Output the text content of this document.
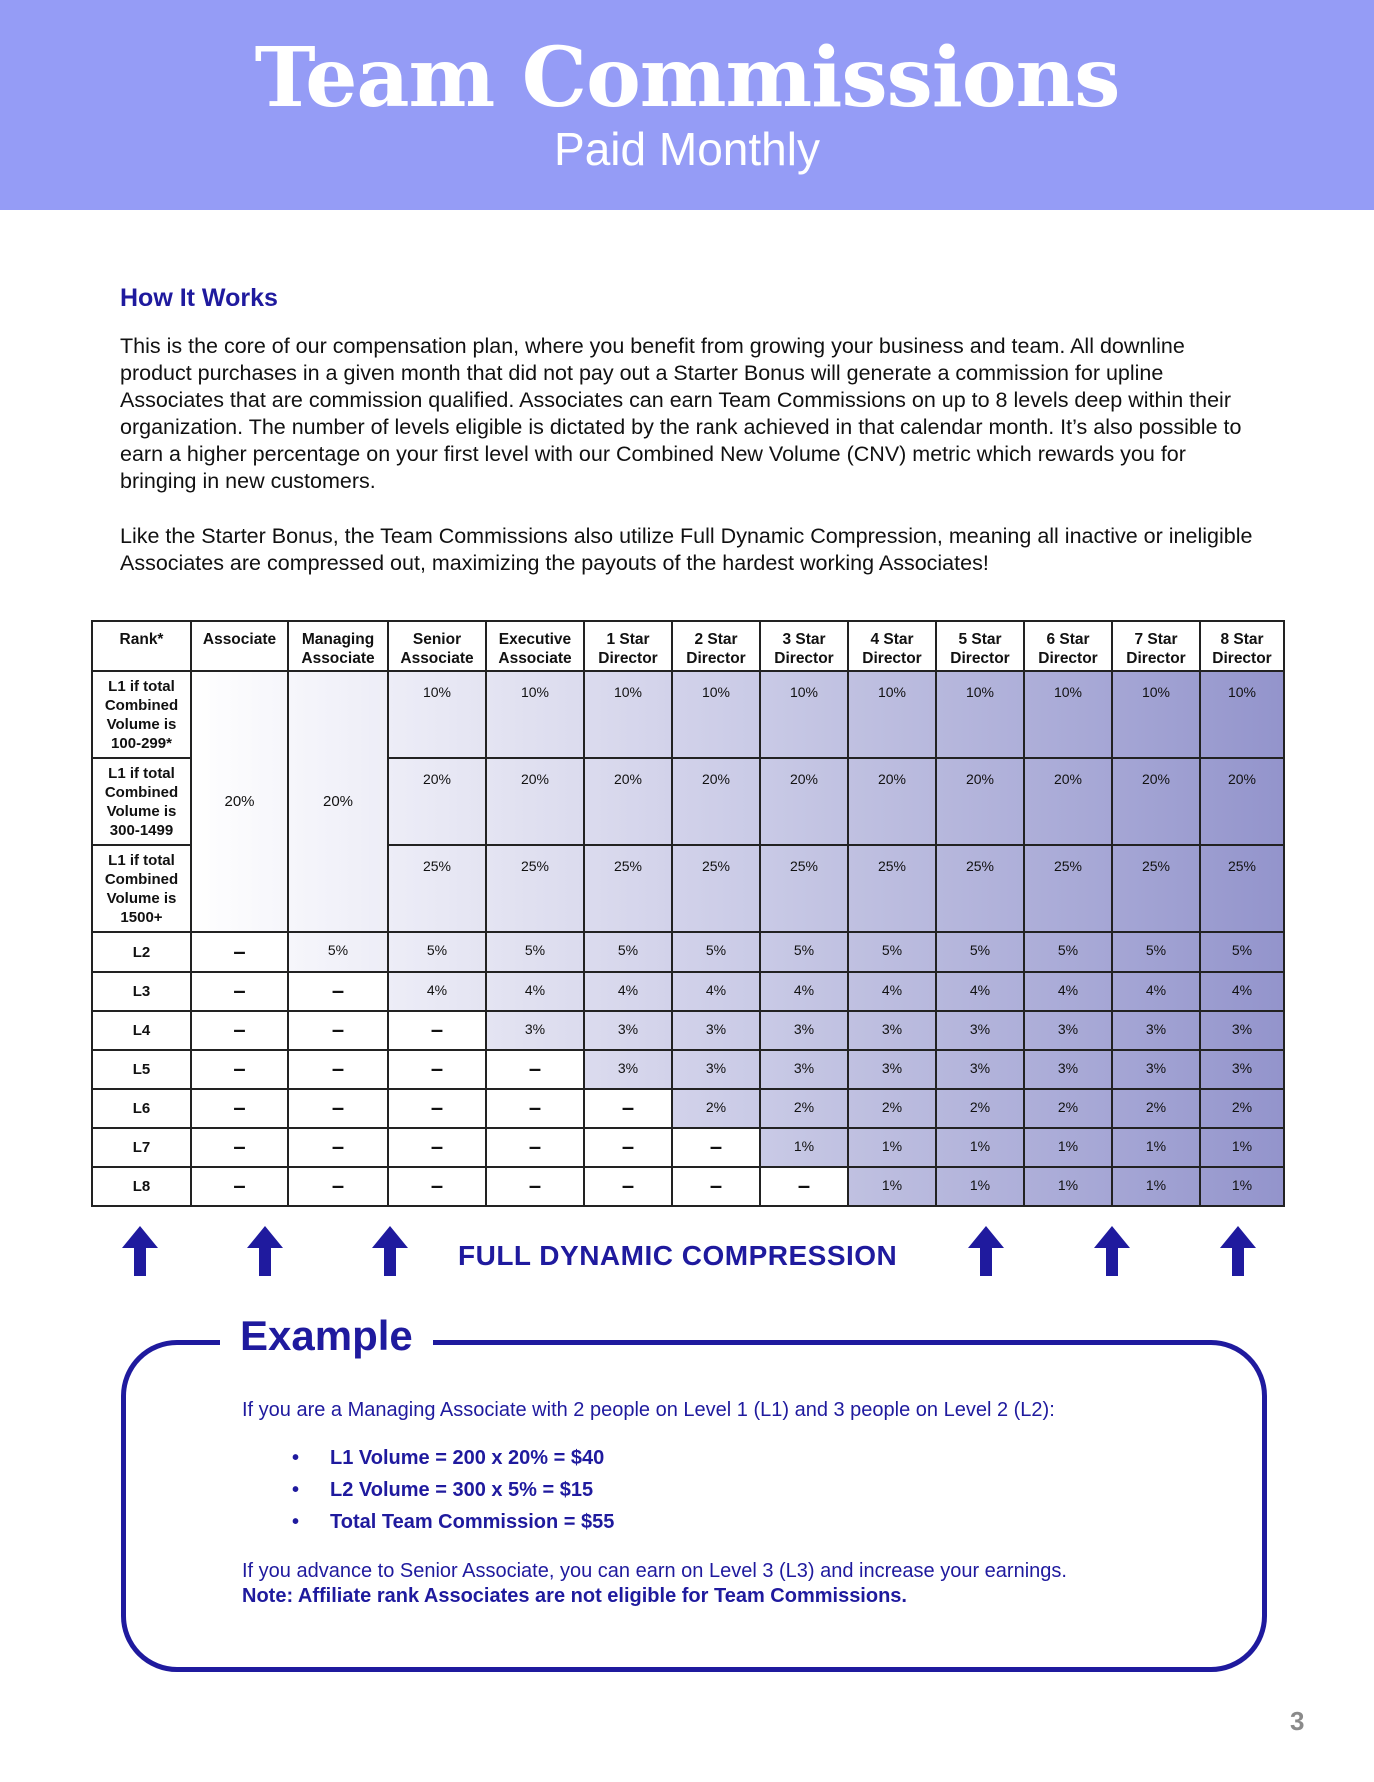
Team Commissions
Paid Monthly
How It Works

This is the core of our compensation plan, where you benefit from growing your business and team. All downline product purchases in a given month that did not pay out a Starter Bonus will generate a commission for upline Associates that are commission qualified. Associates can earn Team Commissions on up to 8 levels deep within their organization. The number of levels eligible is dictated by the rank achieved in that calendar month. It’s also possible to earn a higher percentage on your first level with our Combined New Volume (CNV) metric which rewards you for bringing in new customers.

Like the Starter Bonus, the Team Commissions also utilize Full Dynamic Compression, meaning all inactive or ineligible Associates are compressed out, maximizing the payouts of the hardest working Associates!

Rank*	Associate	Managing Associate	Senior Associate	Executive Associate	1 Star Director	2 Star Director	3 Star Director	4 Star Director	5 Star Director	6 Star Director	7 Star Director	8 Star Director
L1 if total Combined Volume is 100-299*	20%	20%	10%	10%	10%	10%	10%	10%	10%	10%	10%	10%
L1 if total Combined Volume is 300-1499			20%	20%	20%	20%	20%	20%	20%	20%	20%	20%
L1 if total Combined Volume is 1500+			25%	25%	25%	25%	25%	25%	25%	25%	25%	25%
L2	–	5%	5%	5%	5%	5%	5%	5%	5%	5%	5%	5%
L3	–	–	4%	4%	4%	4%	4%	4%	4%	4%	4%	4%
L4	–	–	–	3%	3%	3%	3%	3%	3%	3%	3%	3%
L5	–	–	–	–	3%	3%	3%	3%	3%	3%	3%	3%
L6	–	–	–	–	–	2%	2%	2%	2%	2%	2%	2%
L7	–	–	–	–	–	–	1%	1%	1%	1%	1%	1%
L8	–	–	–	–	–	–	–	1%	1%	1%	1%	1%
FULL DYNAMIC COMPRESSION
Example

If you are a Managing Associate with 2 people on Level 1 (L1) and 3 people on Level 2 (L2):

• L1 Volume = 200 x 20% = $40
• L2 Volume = 300 x 5% = $15
• Total Team Commission = $55

If you advance to Senior Associate, you can earn on Level 3 (L3) and increase your earnings.

Note: Affiliate rank Associates are not eligible for Team Commissions.

3
